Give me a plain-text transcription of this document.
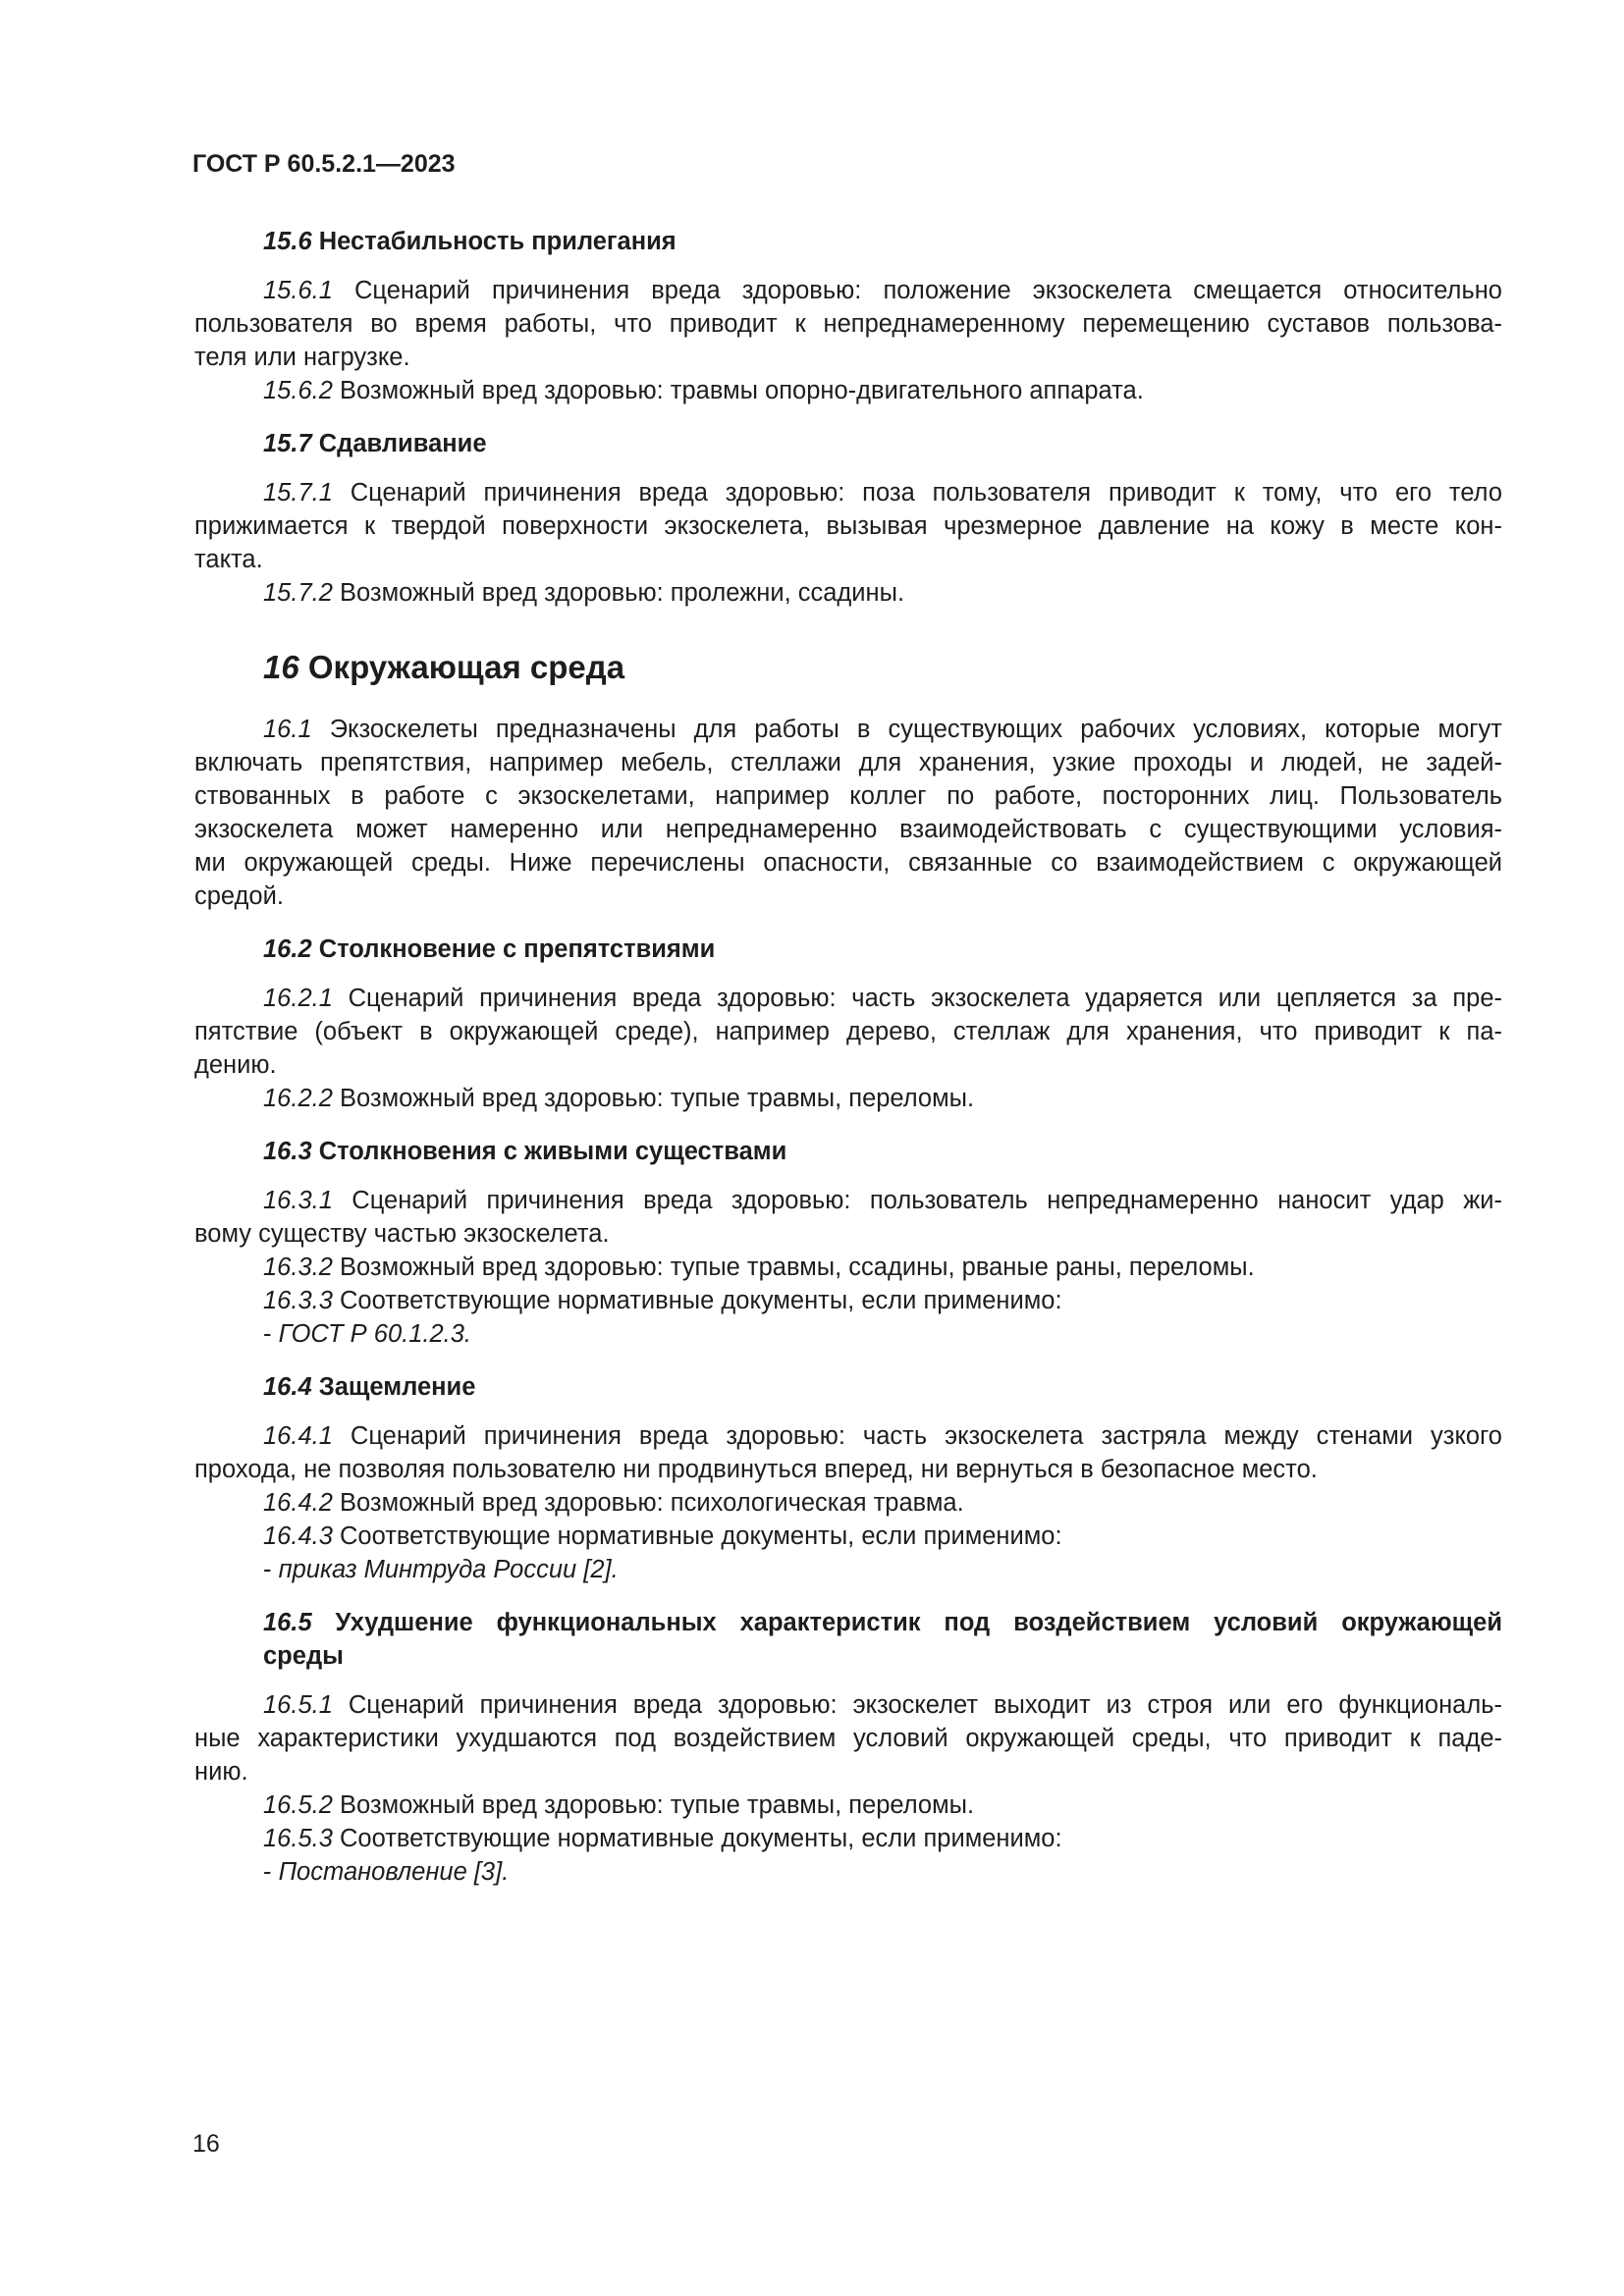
ГОСТ Р 60.5.2.1—2023
15.6 Нестабильность прилегания
15.6.1 Сценарий причинения вреда здоровью: положение экзоскелета смещается относительно
пользователя во время работы, что приводит к непреднамеренному перемещению суставов пользова-
теля или нагрузке.
15.6.2 Возможный вред здоровью: травмы опорно-двигательного аппарата.
15.7 Сдавливание
15.7.1 Сценарий причинения вреда здоровью: поза пользователя приводит к тому, что его тело
прижимается к твердой поверхности экзоскелета, вызывая чрезмерное давление на кожу в месте кон-
такта.
15.7.2 Возможный вред здоровью: пролежни, ссадины.
16 Окружающая среда
16.1 Экзоскелеты предназначены для работы в существующих рабочих условиях, которые могут
включать препятствия, например мебель, стеллажи для хранения, узкие проходы и людей, не задей-
ствованных в работе с экзоскелетами, например коллег по работе, посторонних лиц. Пользователь
экзоскелета может намеренно или непреднамеренно взаимодействовать с существующими условия-
ми окружающей среды. Ниже перечислены опасности, связанные со взаимодействием с окружающей
средой.
16.2 Столкновение с препятствиями
16.2.1 Сценарий причинения вреда здоровью: часть экзоскелета ударяется или цепляется за пре-
пятствие (объект в окружающей среде), например дерево, стеллаж для хранения, что приводит к па-
дению.
16.2.2 Возможный вред здоровью: тупые травмы, переломы.
16.3 Столкновения с живыми существами
16.3.1 Сценарий причинения вреда здоровью: пользователь непреднамеренно наносит удар жи-
вому существу частью экзоскелета.
16.3.2 Возможный вред здоровью: тупые травмы, ссадины, рваные раны, переломы.
16.3.3 Соответствующие нормативные документы, если применимо:
- ГОСТ Р 60.1.2.3.
16.4 Защемление
16.4.1 Сценарий причинения вреда здоровью: часть экзоскелета застряла между стенами узкого
прохода, не позволяя пользователю ни продвинуться вперед, ни вернуться в безопасное место.
16.4.2 Возможный вред здоровью: психологическая травма.
16.4.3 Соответствующие нормативные документы, если применимо:
- приказ Минтруда России [2].
16.5 Ухудшение функциональных характеристик под воздействием условий окружающей
среды
16.5.1 Сценарий причинения вреда здоровью: экзоскелет выходит из строя или его функциональ-
ные характеристики ухудшаются под воздействием условий окружающей среды, что приводит к паде-
нию.
16.5.2 Возможный вред здоровью: тупые травмы, переломы.
16.5.3 Соответствующие нормативные документы, если применимо:
- Постановление [3].
16
